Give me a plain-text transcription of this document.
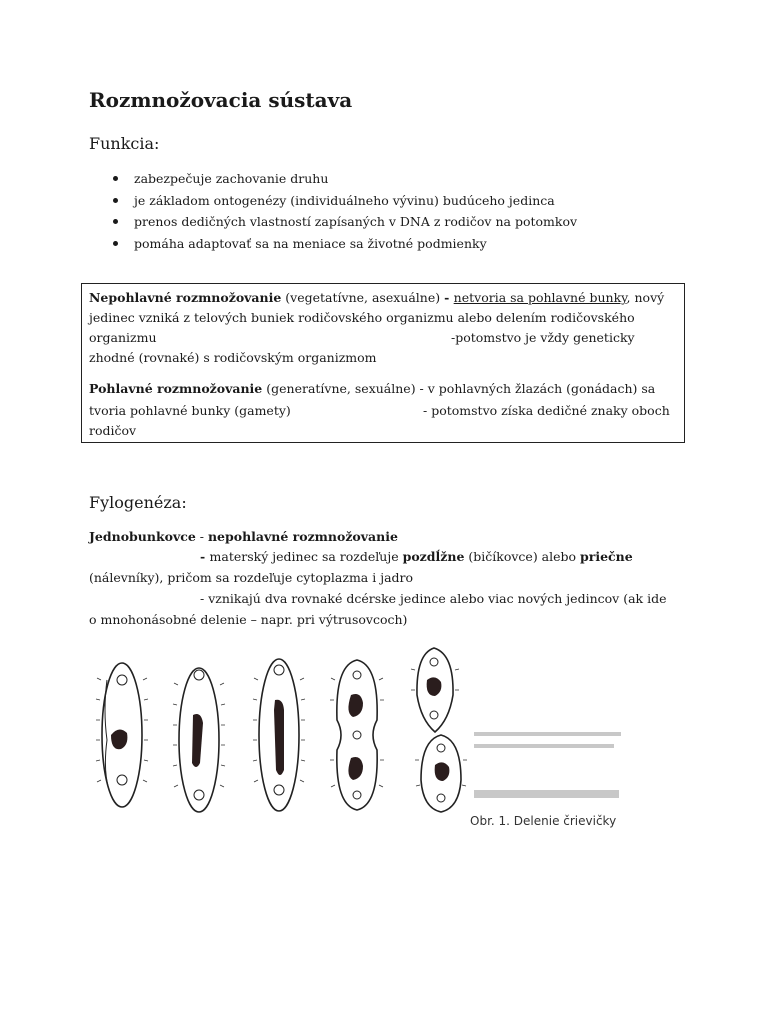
Rozmnožovacia sústava
Funkcia:
zabezpečuje zachovanie druhu
je základom ontogenézy (individuálneho vývinu) budúceho jedinca
prenos dedičných vlastností zapísaných v DNA z rodičov na potomkov
pomáha adaptovať sa na meniace sa životné podmienky
Nepohlavné rozmnožovanie (vegetatívne, asexuálne) - netvoria sa pohlavné bunky, nový
jedinec vzniká z telových buniek rodičovského organizmu alebo delením rodičovského
organizmu	-potomstvo je vždy geneticky
zhodné (rovnaké) s rodičovským organizmom
Pohlavné rozmnožovanie (generatívne, sexuálne) - v pohlavných žlazách (gonádach) sa
tvoria pohlavné bunky (gamety)	- potomstvo získa dedičné znaky oboch
rodičov
Fylogenéza:
Jednobunkovce - nepohlavné rozmnožovanie
- materský jedinec sa rozdeľuje pozdĺžne (bičíkovce) alebo priečne
(nálevníky), pričom sa rozdeľuje cytoplazma i jadro
- vznikajú dva rovnaké dcérske jedince alebo viac nových jedincov (ak ide
o mnohonásobné delenie – napr. pri výtrusovcoch)
Obr. 1. Delenie črievičky
